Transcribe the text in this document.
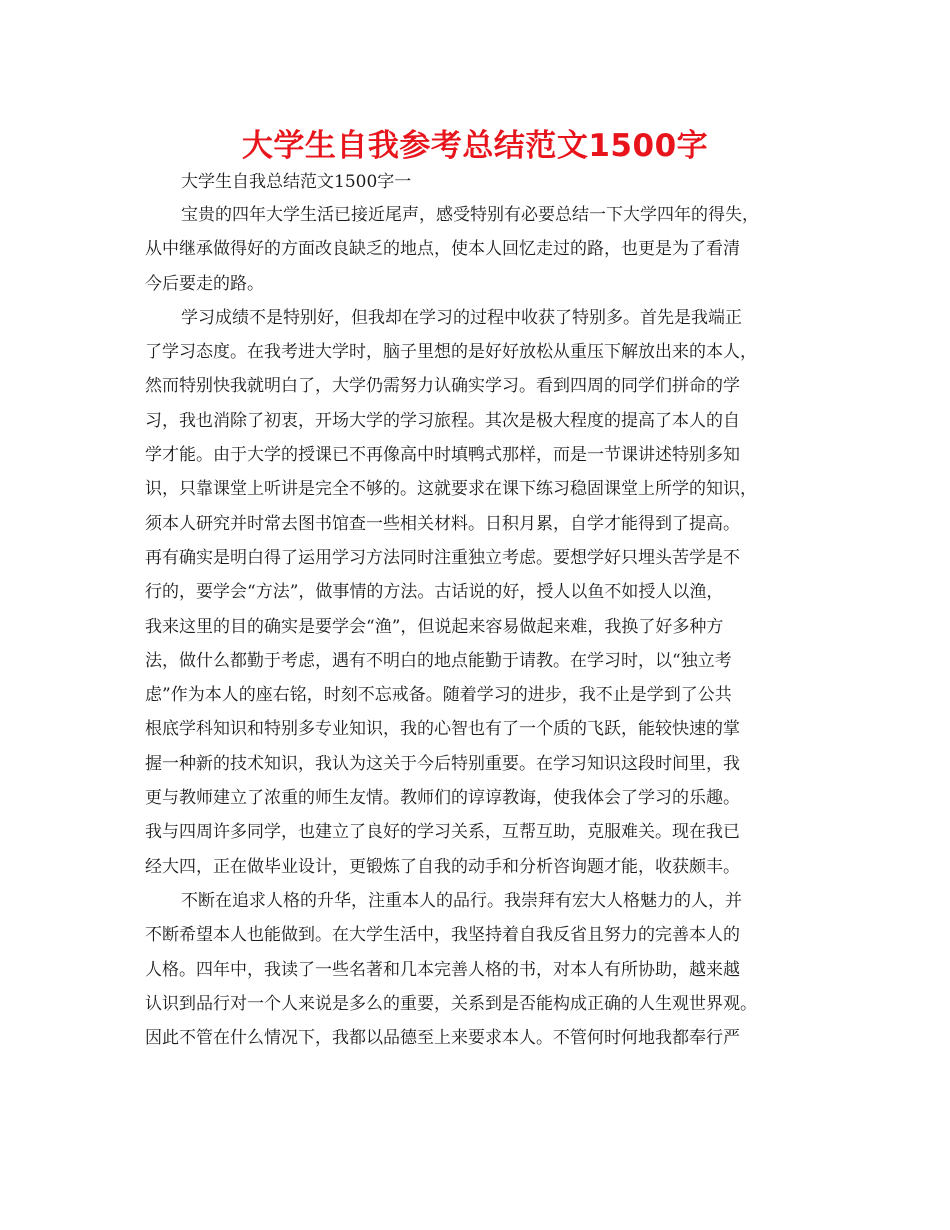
大学生自我参考总结范文1500字
大学生自我总结范文1500字一
宝贵的四年大学生活已接近尾声，感受特别有必要总结一下大学四年的得失，
从中继承做得好的方面改良缺乏的地点，使本人回忆走过的路，也更是为了看清
今后要走的路。
学习成绩不是特别好，但我却在学习的过程中收获了特别多。首先是我端正
了学习态度。在我考进大学时，脑子里想的是好好放松从重压下解放出来的本人，
然而特别快我就明白了，大学仍需努力认确实学习。看到四周的同学们拼命的学
习，我也消除了初衷，开场大学的学习旅程。其次是极大程度的提高了本人的自
学才能。由于大学的授课已不再像高中时填鸭式那样，而是一节课讲述特别多知
识，只靠课堂上听讲是完全不够的。这就要求在课下练习稳固课堂上所学的知识，
须本人研究并时常去图书馆查一些相关材料。日积月累，自学才能得到了提高。
再有确实是明白得了运用学习方法同时注重独立考虑。要想学好只埋头苦学是不
行的，要学会“方法”，做事情的方法。古话说的好，授人以鱼不如授人以渔，
我来这里的目的确实是要学会“渔”，但说起来容易做起来难，我换了好多种方
法，做什么都勤于考虑，遇有不明白的地点能勤于请教。在学习时，以“独立考
虑”作为本人的座右铭，时刻不忘戒备。随着学习的进步，我不止是学到了公共
根底学科知识和特别多专业知识，我的心智也有了一个质的飞跃，能较快速的掌
握一种新的技术知识，我认为这关于今后特别重要。在学习知识这段时间里，我
更与教师建立了浓重的师生友情。教师们的谆谆教诲，使我体会了学习的乐趣。
我与四周许多同学，也建立了良好的学习关系，互帮互助，克服难关。现在我已
经大四，正在做毕业设计，更锻炼了自我的动手和分析咨询题才能，收获颇丰。
不断在追求人格的升华，注重本人的品行。我崇拜有宏大人格魅力的人，并
不断希望本人也能做到。在大学生活中，我坚持着自我反省且努力的完善本人的
人格。四年中，我读了一些名著和几本完善人格的书，对本人有所协助，越来越
认识到品行对一个人来说是多么的重要，关系到是否能构成正确的人生观世界观。
因此不管在什么情况下，我都以品德至上来要求本人。不管何时何地我都奉行严
